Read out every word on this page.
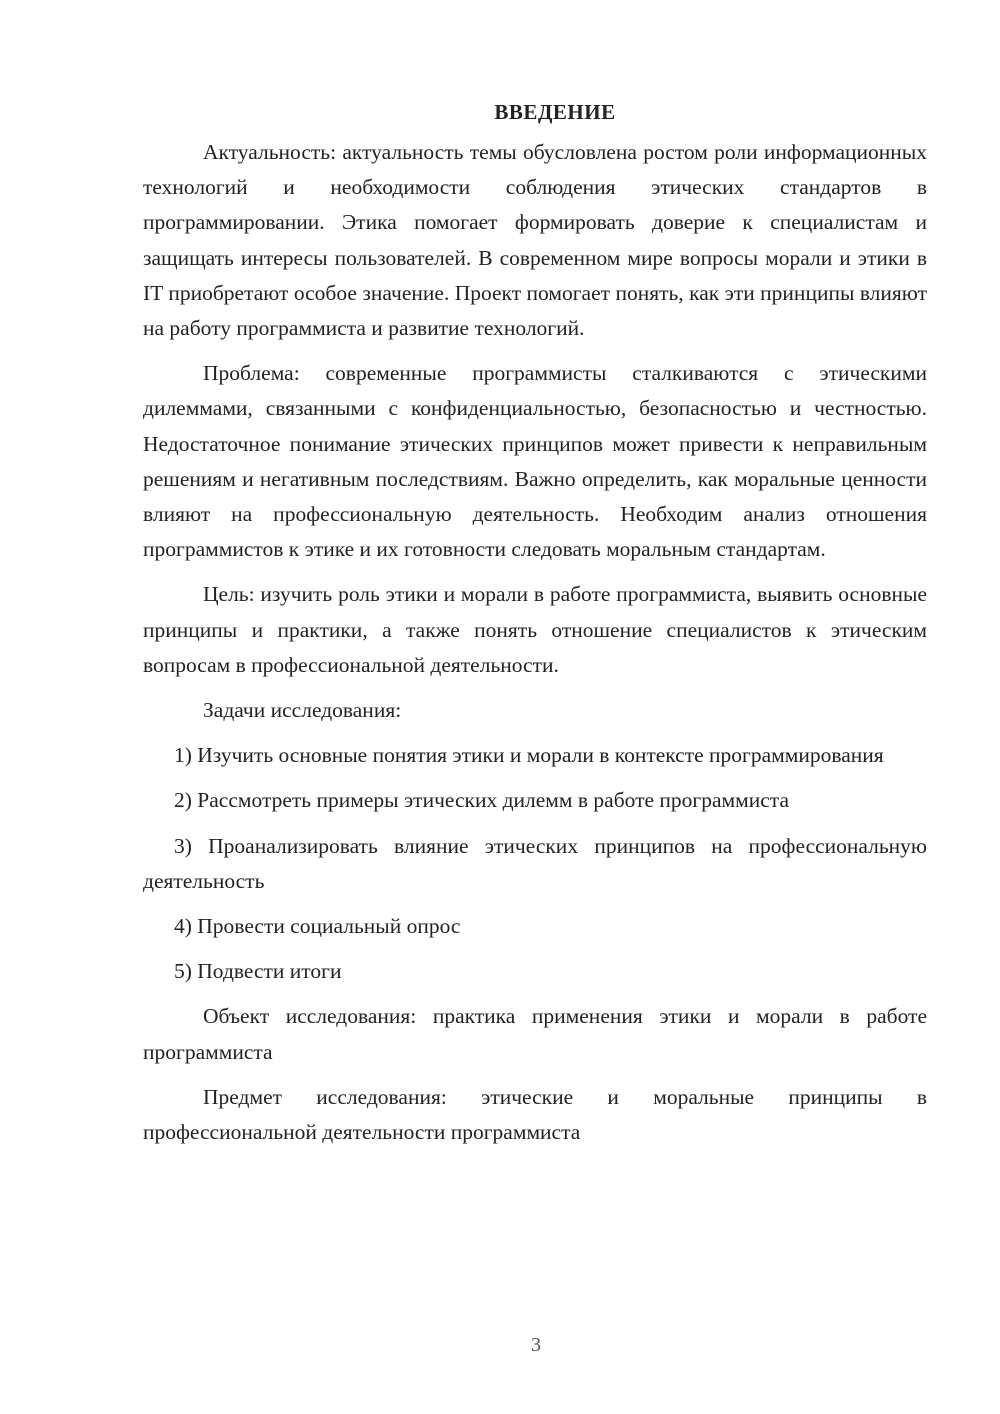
ВВЕДЕНИЕ

Актуальность: актуальность темы обусловлена ростом роли информационных технологий и необходимости соблюдения этических стандартов в программировании. Этика помогает формировать доверие к специалистам и защищать интересы пользователей. В современном мире вопросы морали и этики в IT приобретают особое значение. Проект помогает понять, как эти принципы влияют на работу программиста и развитие технологий.

Проблема: современные программисты сталкиваются с этическими дилеммами, связанными с конфиденциальностью, безопасностью и честностью. Недостаточное понимание этических принципов может привести к неправильным решениям и негативным последствиям. Важно определить, как моральные ценности влияют на профессиональную деятельность. Необходим анализ отношения программистов к этике и их готовности следовать моральным стандартам.

Цель: изучить роль этики и морали в работе программиста, выявить основные принципы и практики, а также понять отношение специалистов к этическим вопросам в профессиональной деятельности.

Задачи исследования:

1) Изучить основные понятия этики и морали в контексте программирования

2) Рассмотреть примеры этических дилемм в работе программиста

3) Проанализировать влияние этических принципов на профессиональную деятельность

4) Провести социальный опрос

5) Подвести итоги

Объект исследования: практика применения этики и морали в работе программиста

Предмет исследования: этические и моральные принципы в профессиональной деятельности программиста

3
